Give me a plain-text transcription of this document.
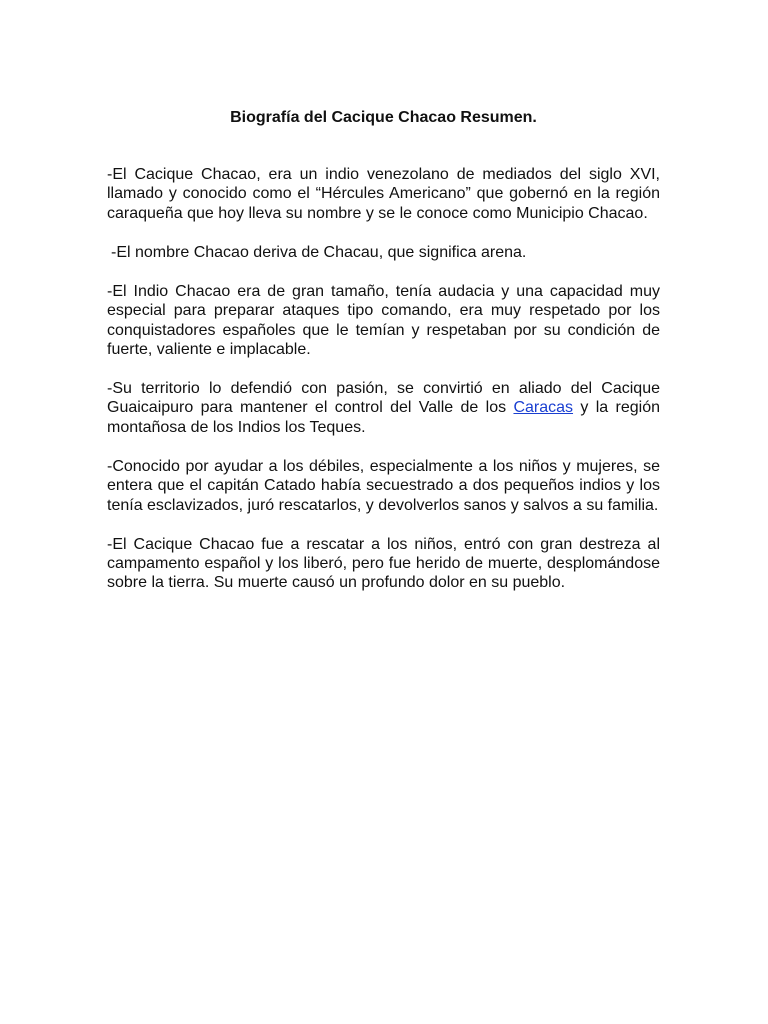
Biografía del Cacique Chacao Resumen.

-El Cacique Chacao, era un indio venezolano de mediados del siglo XVI, llamado y conocido como el “Hércules Americano” que gobernó en la región caraqueña que hoy lleva su nombre y se le conoce como Municipio Chacao.

-El nombre Chacao deriva de Chacau, que significa arena.

-El Indio Chacao era de gran tamaño, tenía audacia y una capacidad muy especial para preparar ataques tipo comando, era muy respetado por los conquistadores españoles que le temían y respetaban por su condición de fuerte, valiente e implacable.

-Su territorio lo defendió con pasión, se convirtió en aliado del Cacique Guaicaipuro para mantener el control del Valle de los Caracas y la región montañosa de los Indios los Teques.

-Conocido por ayudar a los débiles, especialmente a los niños y mujeres, se entera que el capitán Catado había secuestrado a dos pequeños indios y los tenía esclavizados, juró rescatarlos, y devolverlos sanos y salvos a su familia.

-El Cacique Chacao fue a rescatar a los niños, entró con gran destreza al campamento español y los liberó, pero fue herido de muerte, desplomándose sobre la tierra. Su muerte causó un profundo dolor en su pueblo.
